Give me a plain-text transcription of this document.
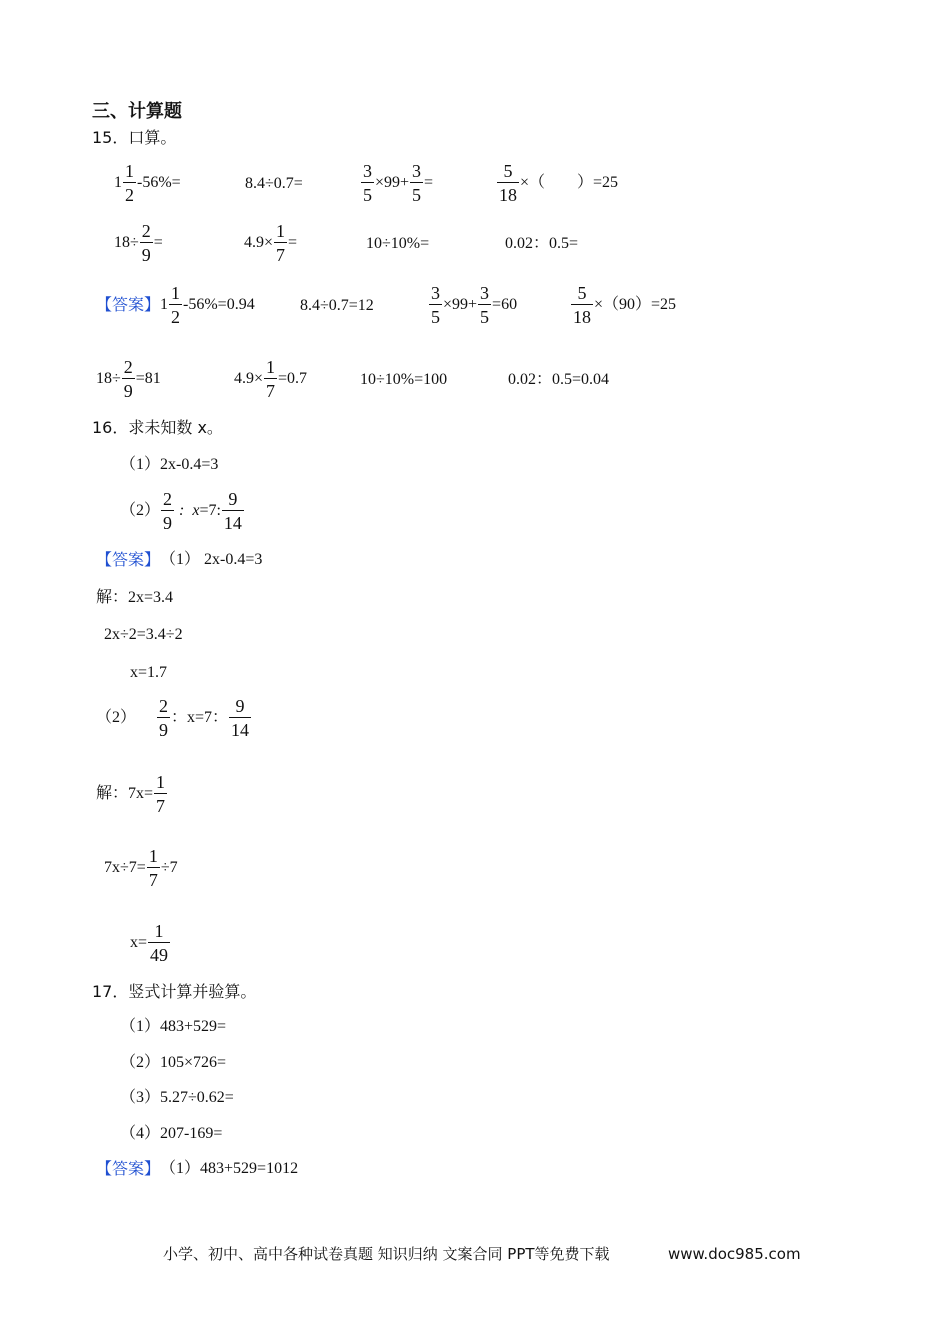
三、计算题
15．口算。
$1 \frac{1}{2} -56\%=$	8.4÷0.7=	$\frac{3}{5} \times 99+ \frac{3}{5}$ =	$\frac{5}{18}$ ×（　　）=25
$18\div \frac{2}{9}$ =	$4.9\times \frac{1}{7}$ =	10÷10%=	0.02：0.5=
【答案】 $1 \frac{1}{2} -56\%=0.94$	8.4÷0.7=12	$\frac{3}{5} \times 99+ \frac{3}{5} =60$	$\frac{5}{18} \times(90)=25$
$18\div \frac{2}{9} =81$	$4.9\times \frac{1}{7} =0.7$	10÷10%=100	0.02：0.5=0.04
16．求未知数 x。
（1）2x-0.4=3
$(2) \frac{2}{9}$ : x =7: $\frac{9}{14}$
【答案】 （1） 2x-0.4=3
解：2x=3.4
2x÷2=3.4÷2
x=1.7
$(2) \frac{2}{9}$ ：x=7： $\frac{9}{14}$
解：$7x= \frac{1}{7}$
$7x\div 7= \frac{1}{7} \div 7$
$x= \frac{1}{49}$
17．竖式计算并验算。
（1）483+529=
（2）105×726=
（3）5.27÷0.62=
（4）207-169=
【答案】 （1）483+529=1012
小学、初中、高中各种试卷真题 知识归纳 文案合同 PPT等免费下载	www.doc985.com
